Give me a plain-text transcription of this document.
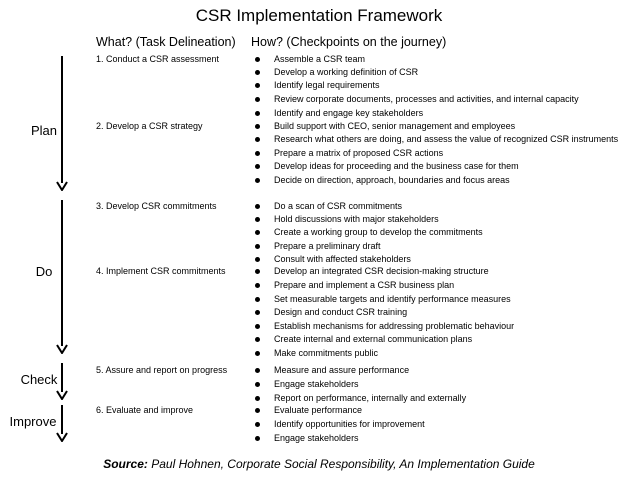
CSR Implementation Framework
What? (Task Delineation) How? (Checkpoints on the journey)
Plan
Do
Check
Improve
1. Conduct a CSR assessment
2. Develop a CSR strategy
3. Develop CSR commitments
4. Implement CSR commitments
5. Assure and report on progress
6. Evaluate and improve
Assemble a CSR team
Develop a working definition of CSR
Identify legal requirements
Review corporate documents, processes and activities, and internal capacity
Identify and engage key stakeholders
Build support with CEO, senior management and employees
Research what others are doing, and assess the value of recognized CSR instruments
Prepare a matrix of proposed CSR actions
Develop ideas for proceeding and the business case for them
Decide on direction, approach, boundaries and focus areas
Do a scan of CSR commitments
Hold discussions with major stakeholders
Create a working group to develop the commitments
Prepare a preliminary draft
Consult with affected stakeholders
Develop an integrated CSR decision-making structure
Prepare and implement a CSR business plan
Set measurable targets and identify performance measures
Design and conduct CSR training
Establish mechanisms for addressing problematic behaviour
Create internal and external communication plans
Make commitments public
Measure and assure performance
Engage stakeholders
Report on performance, internally and externally
Evaluate performance
Identify opportunities for improvement
Engage stakeholders
Source: Paul Hohnen, Corporate Social Responsibility, An Implementation Guide
